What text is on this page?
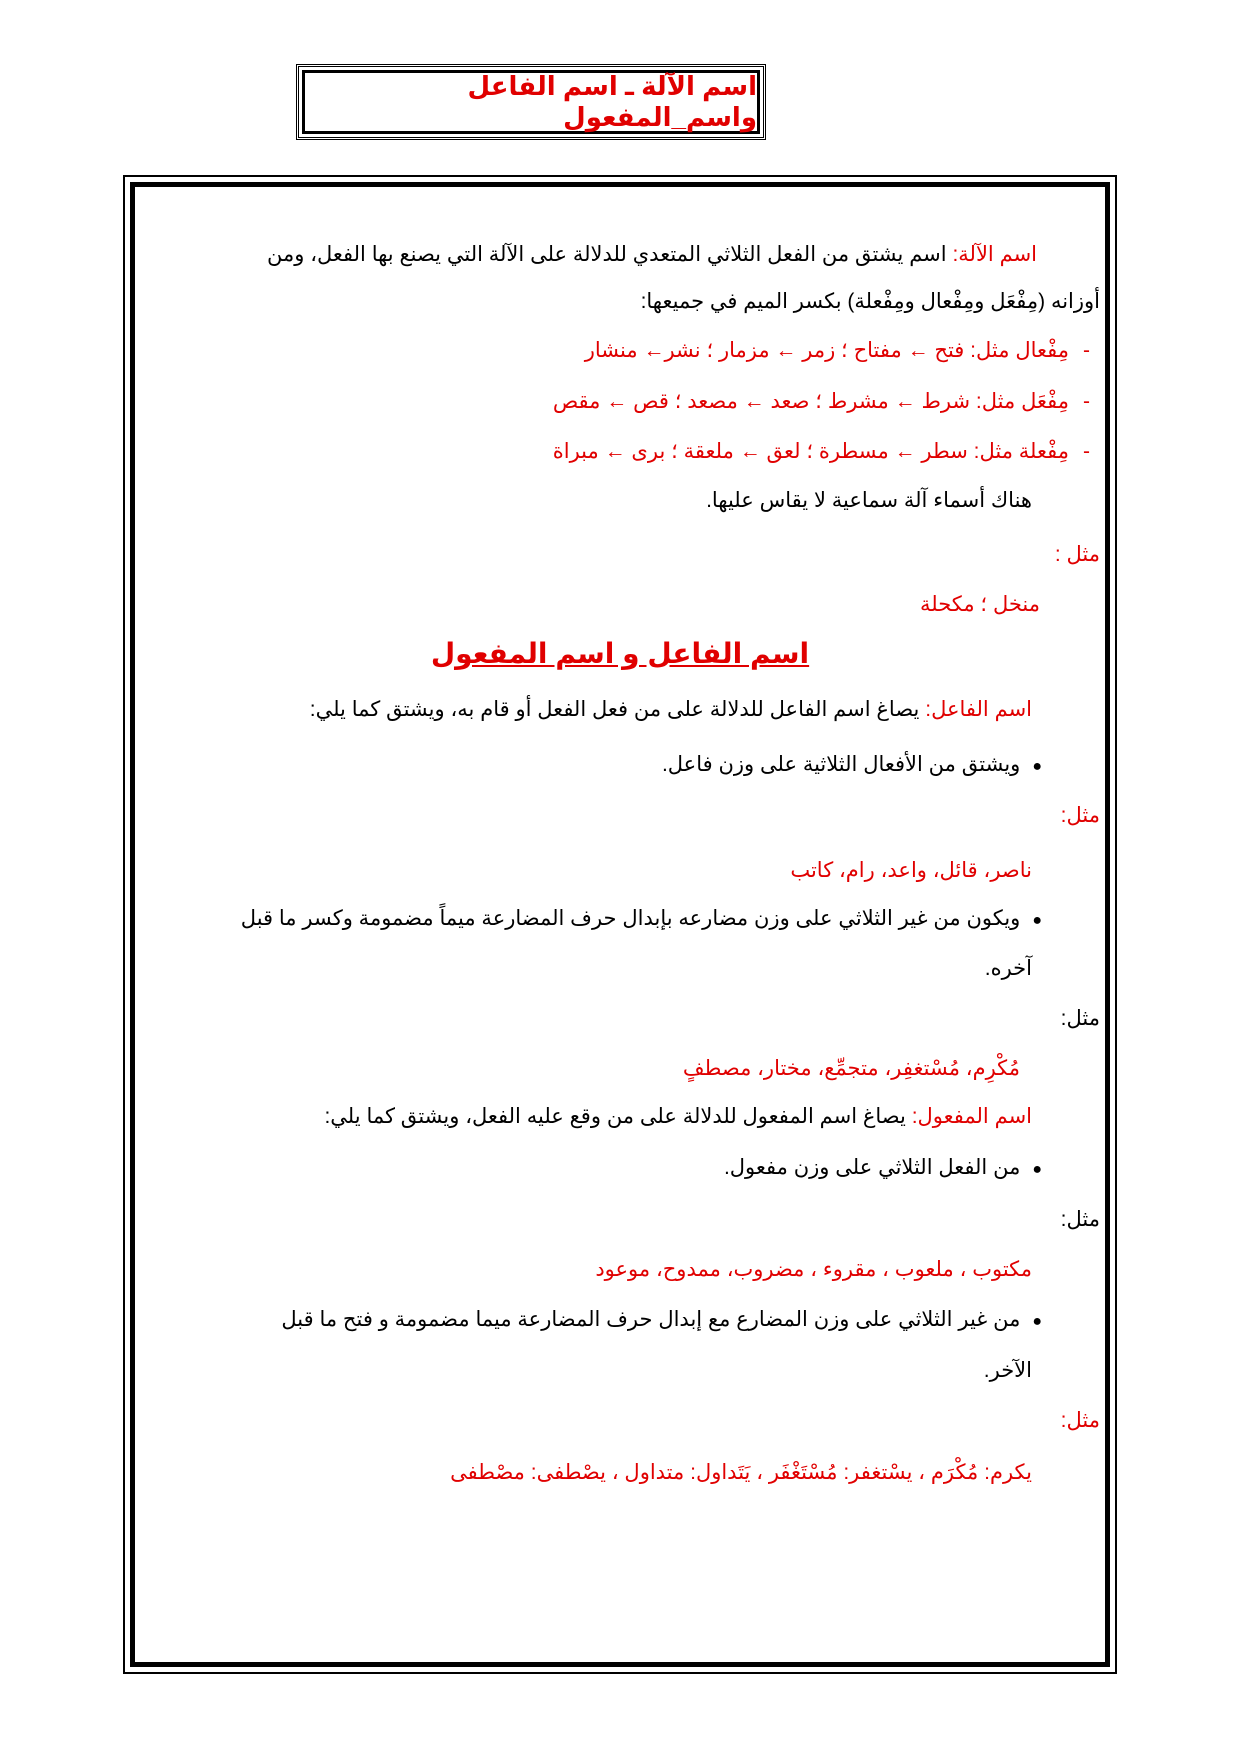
اسم الآلة ـ اسم الفاعل واسم_المفعول
اسم الآلة: اسم يشتق من الفعل الثلاثي المتعدي للدلالة على الآلة التي يصنع بها الفعل، ومن
أوزانه (مِفْعَل ومِفْعال ومِفْعلة) بكسر الميم في جميعها:
-مِفْعال مثل: فتح ← مفتاح ؛ زمر ← مزمار ؛ نشر← منشار
-مِفْعَل مثل: شرط ← مشرط ؛ صعد ← مصعد ؛ قص ← مقص
-مِفْعلة مثل: سطر ← مسطرة ؛ لعق ← ملعقة ؛ برى ← مبراة
هناك أسماء آلة سماعية لا يقاس عليها.
مثل :
منخل ؛ مكحلة
اسم الفاعل و اسم المفعول
اسم الفاعل: يصاغ اسم الفاعل للدلالة على من فعل الفعل أو قام به، ويشتق كما يلي:
●ويشتق من الأفعال الثلاثية على وزن فاعل.
مثل:
ناصر، قائل، واعد، رام، كاتب
●ويكون من غير الثلاثي على وزن مضارعه بإبدال حرف المضارعة ميماً مضمومة وكسر ما قبل
آخره.
مثل:
مُكْرِم، مُسْتغفِر، متجمِّع، مختار، مصطفٍ
اسم المفعول: يصاغ اسم المفعول للدلالة على من وقع عليه الفعل، ويشتق كما يلي:
●من الفعل الثلاثي على وزن مفعول.
مثل:
مكتوب ، ملعوب ، مقروء ، مضروب، ممدوح، موعود
●من غير الثلاثي على وزن المضارع مع إبدال حرف المضارعة ميما مضمومة و فتح ما قبل
الآخر.
مثل:
يكرم: مُكْرَم ، يسْتغفر: مُسْتَغْفَر ، يَتَداول: متداول ، يصْطفى: مصْطفى
